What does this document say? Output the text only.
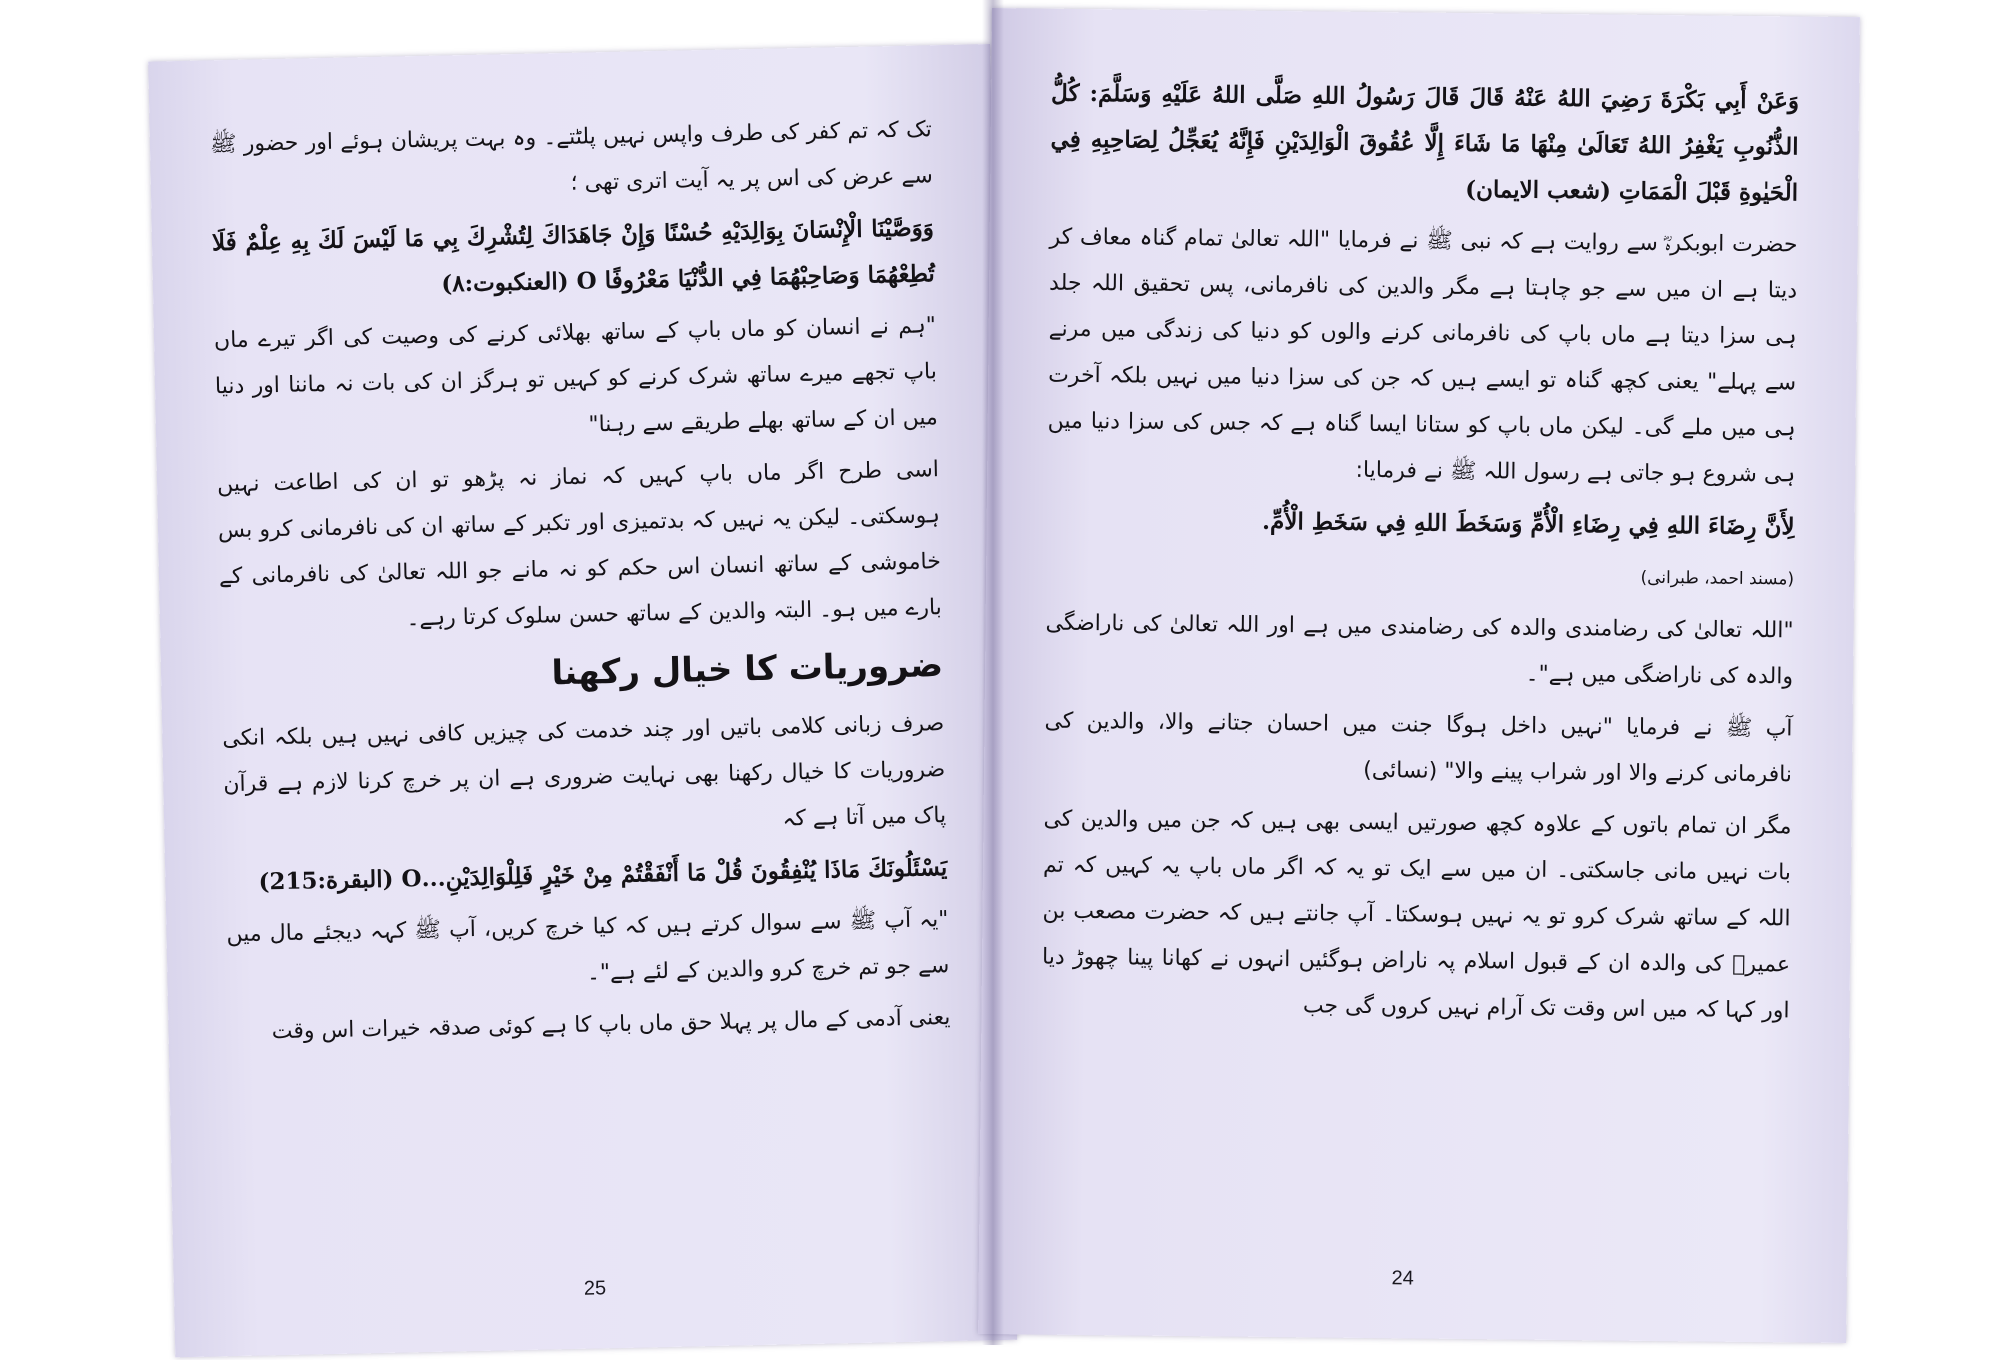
تک کہ تم کفر کی طرف واپس نہیں پلٹتے۔ وہ بہت پریشان ہوئے اور حضور ﷺ سے عرض کی اس پر یہ آیت اتری تھی ؛

وَوَصَّيْنَا الْإِنْسَانَ بِوَالِدَيْهِ حُسْنًا وَإِنْ جَاهَدَاكَ لِتُشْرِكَ بِي مَا لَيْسَ لَكَ بِهِ عِلْمٌ فَلَا تُطِعْهُمَا وَصَاحِبْهُمَا فِي الدُّنْيَا مَعْرُوفًا O (العنکبوت:٨)

"ہم نے انسان کو ماں باپ کے ساتھ بھلائی کرنے کی وصیت کی اگر تیرے ماں باپ تجھے میرے ساتھ شرک کرنے کو کہیں تو ہرگز ان کی بات نہ ماننا اور دنیا میں ان کے ساتھ بھلے طریقے سے رہنا"

اسی طرح اگر ماں باپ کہیں کہ نماز نہ پڑھو تو ان کی اطاعت نہیں ہوسکتی۔ لیکن یہ نہیں کہ بدتمیزی اور تکبر کے ساتھ ان کی نافرمانی کرو بس خاموشی کے ساتھ انسان اس حکم کو نہ مانے جو اللہ تعالیٰ کی نافرمانی کے بارے میں ہو۔ البتہ والدین کے ساتھ حسن سلوک کرتا رہے۔

ضروریات کا خیال رکھنا

صرف زبانی کلامی باتیں اور چند خدمت کی چیزیں کافی نہیں ہیں بلکہ انکی ضروریات کا خیال رکھنا بھی نہایت ضروری ہے ان پر خرچ کرنا لازم ہے قرآن پاک میں آتا ہے کہ

يَسْئَلُونَكَ مَاذَا يُنْفِقُونَ قُلْ مَا أَنْفَقْتُمْ مِنْ خَيْرٍ فَلِلْوَالِدَيْنِ...O (البقرة:215)

"یہ آپ ﷺ سے سوال کرتے ہیں کہ کیا خرچ کریں، آپ ﷺ کہہ دیجئے مال میں سے جو تم خرچ کرو والدین کے لئے ہے"۔

یعنی آدمی کے مال پر پہلا حق ماں باپ کا ہے کوئی صدقہ خیرات اس وقت

25

وَعَنْ أَبِي بَكْرَةَ رَضِيَ اللهُ عَنْهُ قَالَ قَالَ رَسُولُ اللهِ صَلَّى اللهُ عَلَيْهِ وَسَلَّمَ: كُلُّ الذُّنُوبِ يَغْفِرُ اللهُ تَعَالَىٰ مِنْهَا مَا شَاءَ إِلَّا عُقُوقَ الْوَالِدَيْنِ فَإِنَّهُ يُعَجِّلُ لِصَاحِبِهِ فِي الْحَيٰوةِ قَبْلَ الْمَمَاتِ (شعب الایمان)

حضرت ابوبکرہؓ سے روایت ہے کہ نبی ﷺ نے فرمایا "اللہ تعالیٰ تمام گناہ معاف کر دیتا ہے ان میں سے جو چاہتا ہے مگر والدین کی نافرمانی، پس تحقیق اللہ جلد ہی سزا دیتا ہے ماں باپ کی نافرمانی کرنے والوں کو دنیا کی زندگی میں مرنے سے پہلے" یعنی کچھ گناہ تو ایسے ہیں کہ جن کی سزا دنیا میں نہیں بلکہ آخرت ہی میں ملے گی۔ لیکن ماں باپ کو ستانا ایسا گناہ ہے کہ جس کی سزا دنیا میں ہی شروع ہو جاتی ہے رسول اللہ ﷺ نے فرمایا:

لِأَنَّ رِضَاءَ اللهِ فِي رِضَاءِ الْأُمِّ وَسَخَطَ اللهِ فِي سَخَطِ الْأُمِّ.

(مسند احمد، طبرانی)

"اللہ تعالیٰ کی رضامندی والدہ کی رضامندی میں ہے اور اللہ تعالیٰ کی ناراضگی والدہ کی ناراضگی میں ہے"۔

آپ ﷺ نے فرمایا "نہیں داخل ہوگا جنت میں احسان جتانے والا، والدین کی نافرمانی کرنے والا اور شراب پینے والا" (نسائی)

مگر ان تمام باتوں کے علاوہ کچھ صورتیں ایسی بھی ہیں کہ جن میں والدین کی بات نہیں مانی جاسکتی۔ ان میں سے ایک تو یہ کہ اگر ماں باپ یہ کہیں کہ تم اللہ کے ساتھ شرک کرو تو یہ نہیں ہوسکتا۔ آپ جانتے ہیں کہ حضرت مصعب بن عمیرؓ کی والدہ ان کے قبول اسلام پہ ناراض ہوگئیں انہوں نے کھانا پینا چھوڑ دیا اور کہا کہ میں اس وقت تک آرام نہیں کروں گی جب

24
